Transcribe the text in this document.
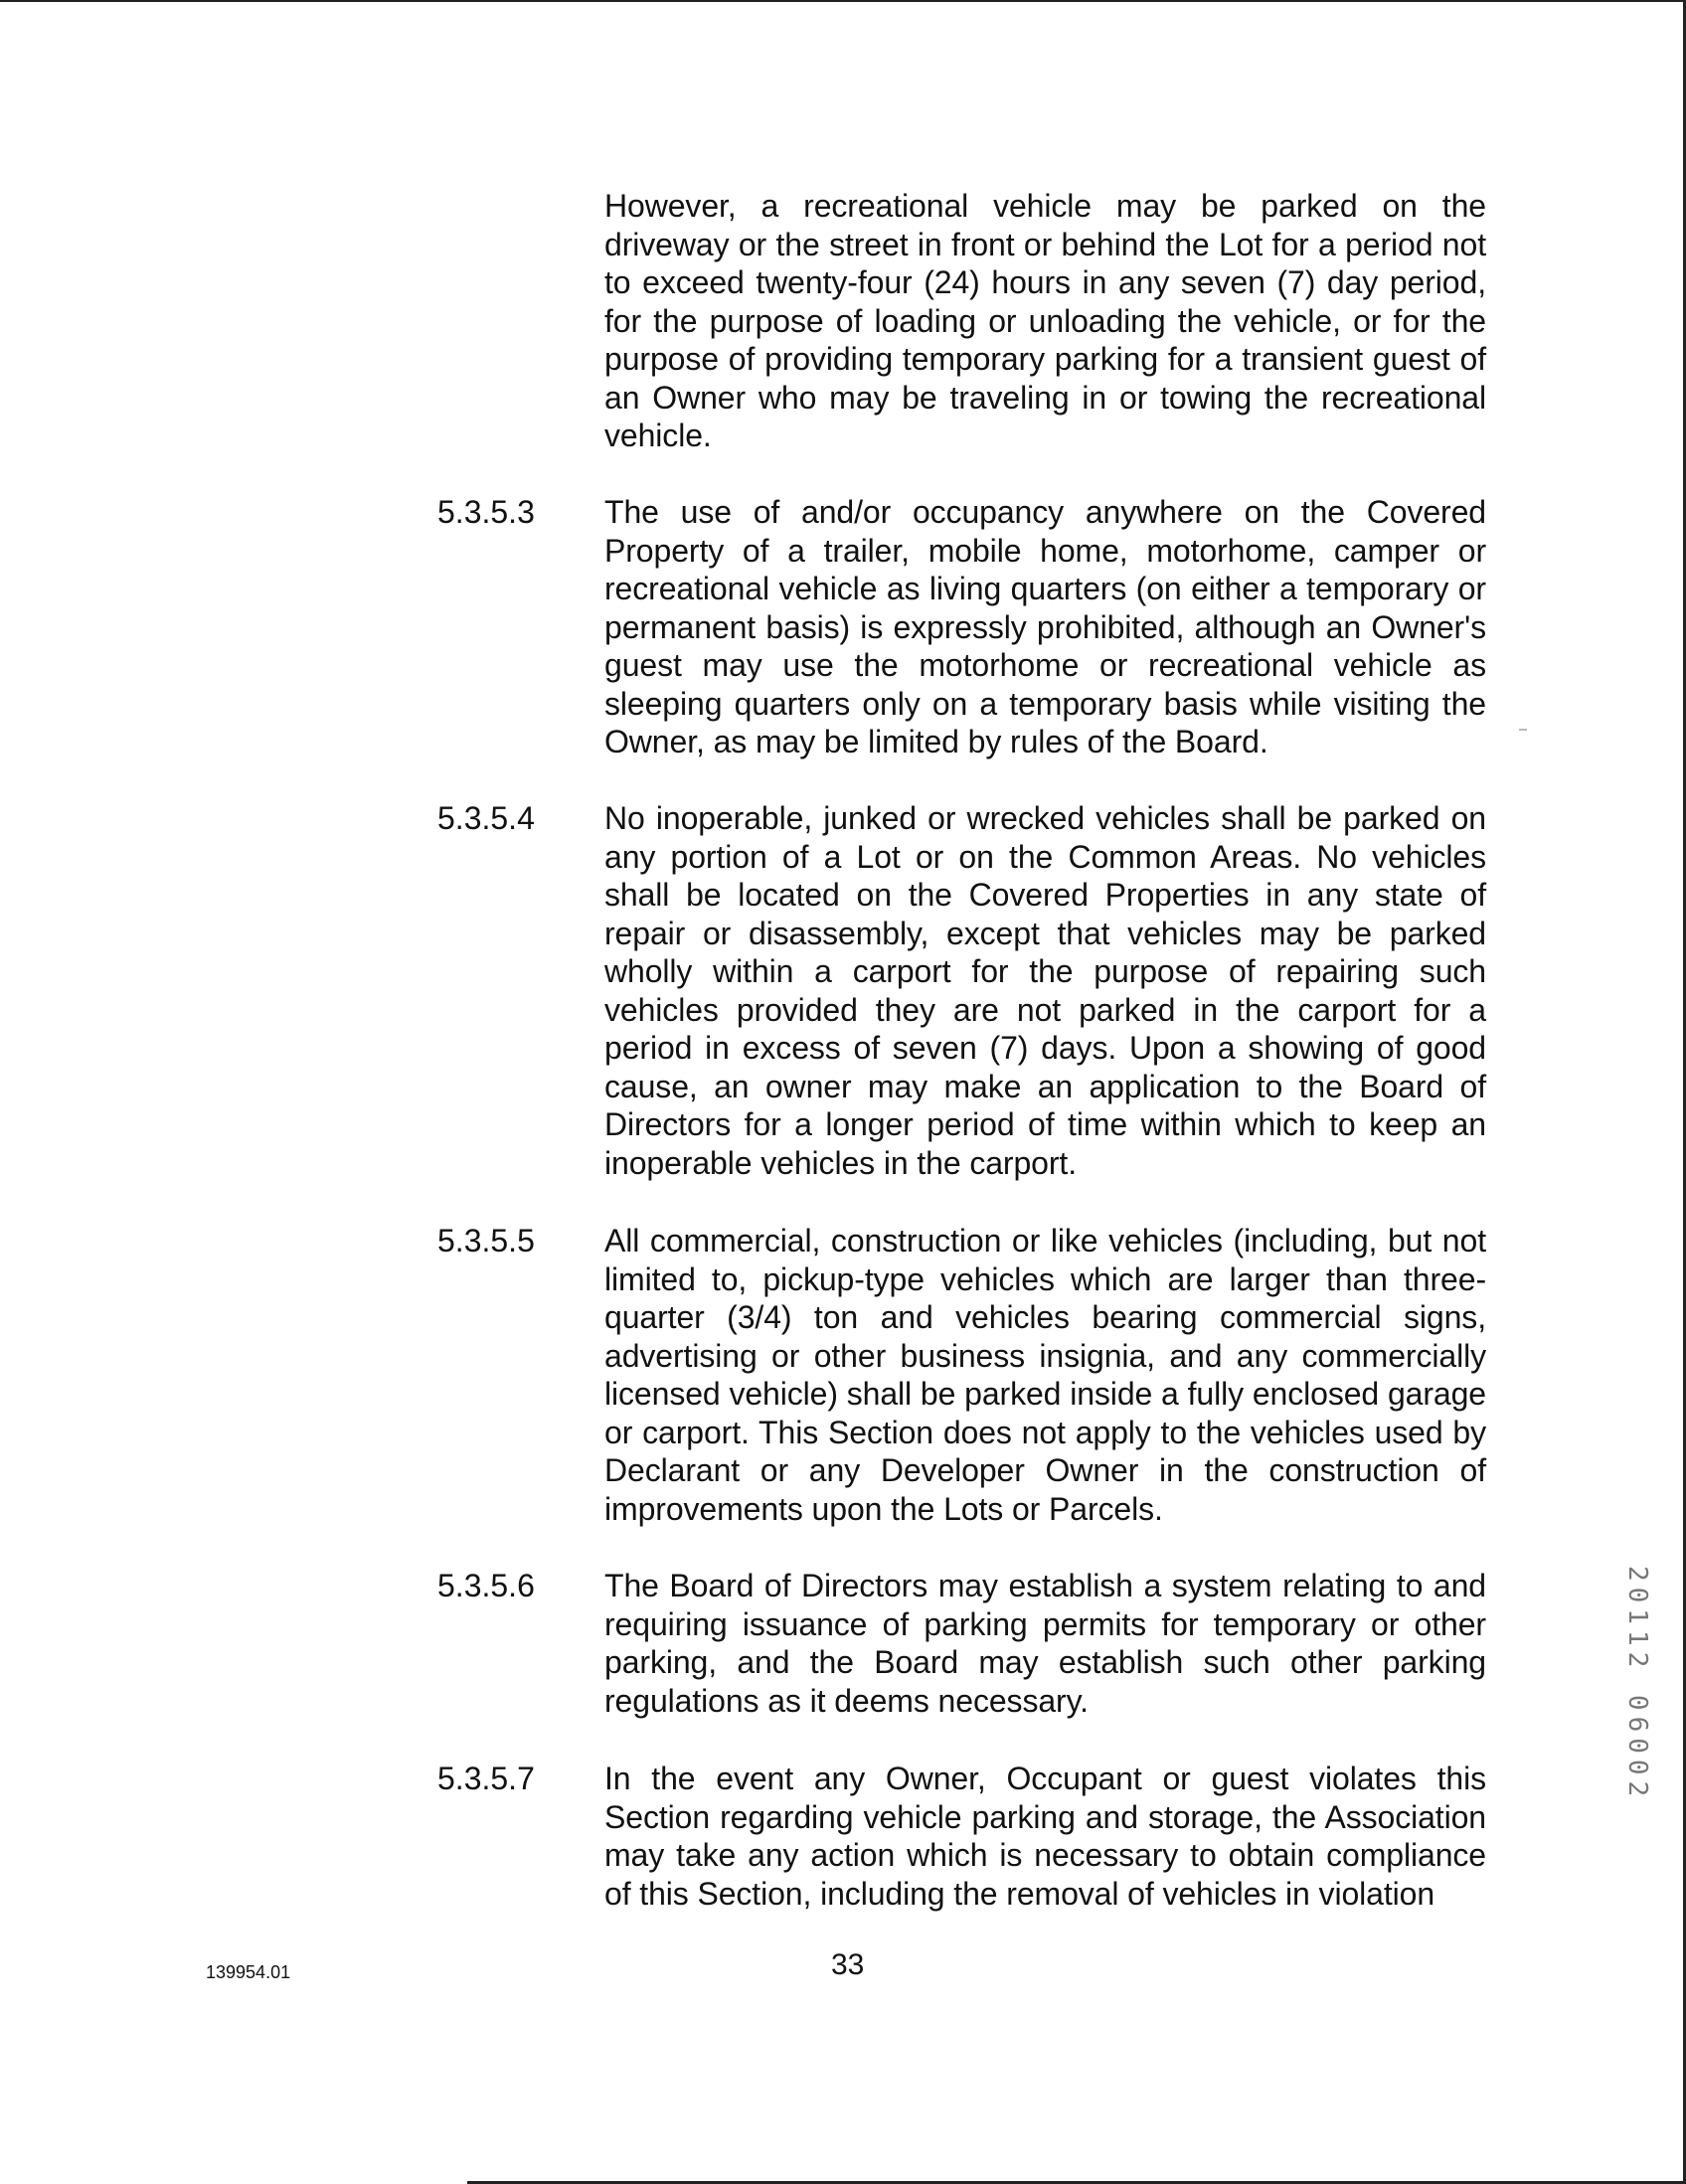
However, a recreational vehicle may be parked on the driveway or the street in front or behind the Lot for a period not to exceed twenty-four (24) hours in any seven (7) day period, for the purpose of loading or unloading the vehicle, or for the purpose of providing temporary parking for a transient guest of an Owner who may be traveling in or towing the recreational vehicle.
5.3.5.3	The use of and/or occupancy anywhere on the Covered Property of a trailer, mobile home, motorhome, camper or recreational vehicle as living quarters (on either a temporary or permanent basis) is expressly prohibited, although an Owner's guest may use the motorhome or recreational vehicle as sleeping quarters only on a temporary basis while visiting the Owner, as may be limited by rules of the Board.
5.3.5.4	No inoperable, junked or wrecked vehicles shall be parked on any portion of a Lot or on the Common Areas. No vehicles shall be located on the Covered Properties in any state of repair or disassembly, except that vehicles may be parked wholly within a carport for the purpose of repairing such vehicles provided they are not parked in the carport for a period in excess of seven (7) days. Upon a showing of good cause, an owner may make an application to the Board of Directors for a longer period of time within which to keep an inoperable vehicles in the carport.
5.3.5.5	All commercial, construction or like vehicles (including, but not limited to, pickup-type vehicles which are larger than three-quarter (3/4) ton and vehicles bearing commercial signs, advertising or other business insignia, and any commercially licensed vehicle) shall be parked inside a fully enclosed garage or carport. This Section does not apply to the vehicles used by Declarant or any Developer Owner in the construction of improvements upon the Lots or Parcels.
5.3.5.6	The Board of Directors may establish a system relating to and requiring issuance of parking permits for temporary or other parking, and the Board may establish such other parking regulations as it deems necessary.
5.3.5.7	In the event any Owner, Occupant or guest violates this Section regarding vehicle parking and storage, the Association may take any action which is necessary to obtain compliance of this Section, including the removal of vehicles in violation
139954.01	33
20112 06002
